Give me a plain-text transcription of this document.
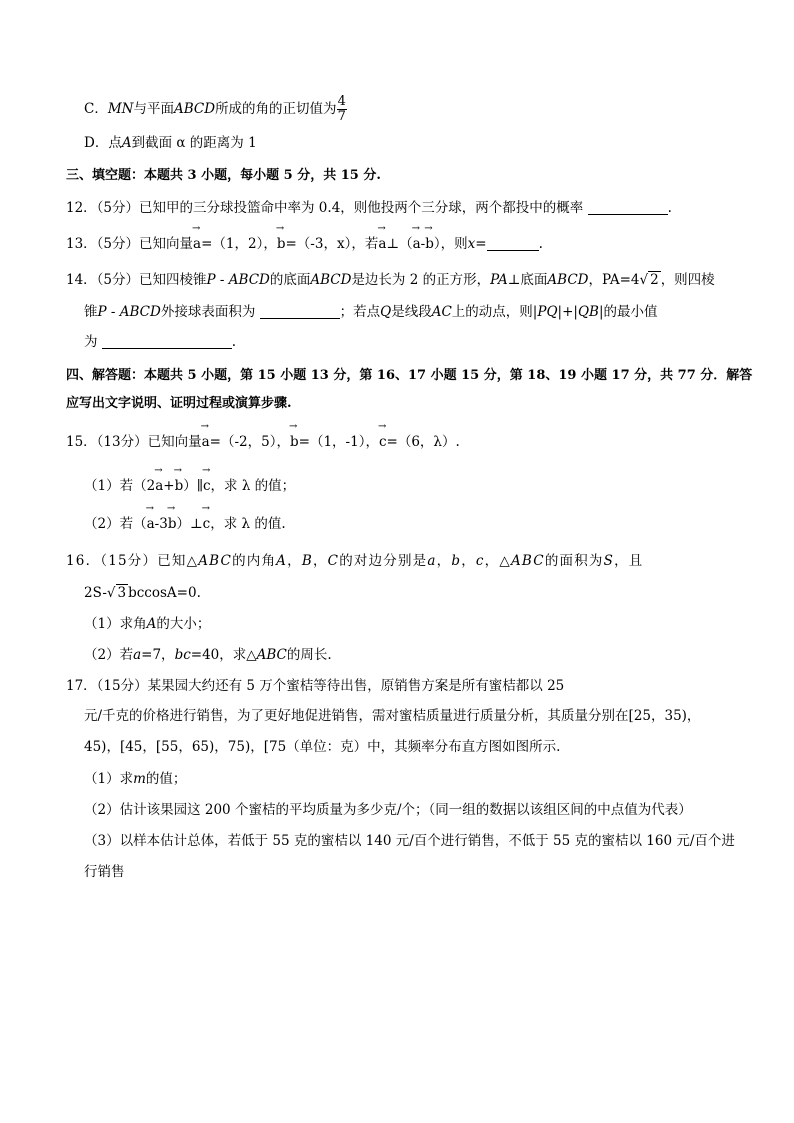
C．MN与平面ABCD所成的角的正切值为 $\frac{4}{7}$
D．点A到截面 α 的距离为 1
三、填空题：本题共 3 小题，每小题 5 分，共 15 分.
12．（5分）已知甲的三分球投篮命中率为 0.4，则他投两个三分球，两个都投中的概率	.
13．（5分）已知向量→ a=（1，2），→ b=（-3，x），若→ a⊥（→ a-→ b），则x=	.
14．（5分）已知四棱锥P - ABCD的底面ABCD是边长为 2 的正方形，PA⊥底面ABCD，PA=4√ 2 ，则四棱
锥P - ABCD外接球表面积为	；若点Q是线段AC上的动点，则|PQ|+|QB|的最小值
为	.
四、解答题：本题共 5 小题，第 15 小题 13 分，第 16、17 小题 15 分，第 18、19 小题 17 分，共 77 分．解答
应写出文字说明、证明过程或演算步骤.
15．（13分）已知向量→ a=（-2，5），→ b=（1，-1），→ c=（6，λ）.
（1）若（2→ a+→ b）∥→ c，求 λ 的值；
（2）若（→ a-3→ b）⊥→ c，求 λ 的值.
16．（15分）已知△ABC的内角A，B，C的对边分别是a，b，c，△ABC的面积为S，且
2S-√ 3 bccosA=0.
（1）求角A的大小；
（2）若a=7，bc=40，求△ABC的周长.
17．（15分）某果园大约还有 5 万个蜜桔等待出售，原销售方案是所有蜜桔都以 25
元/千克的价格进行销售，为了更好地促进销售，需对蜜桔质量进行质量分析，其质量分别在[25，35)，
45)，[45，[55，65)，75)，[75（单位：克）中，其频率分布直方图如图所示.
（1）求m的值；
（2）估计该果园这 200 个蜜桔的平均质量为多少克/个；（同一组的数据以该组区间的中点值为代表）
（3）以样本估计总体，若低于 55 克的蜜桔以 140 元/百个进行销售，不低于 55 克的蜜桔以 160 元/百个进
行销售
